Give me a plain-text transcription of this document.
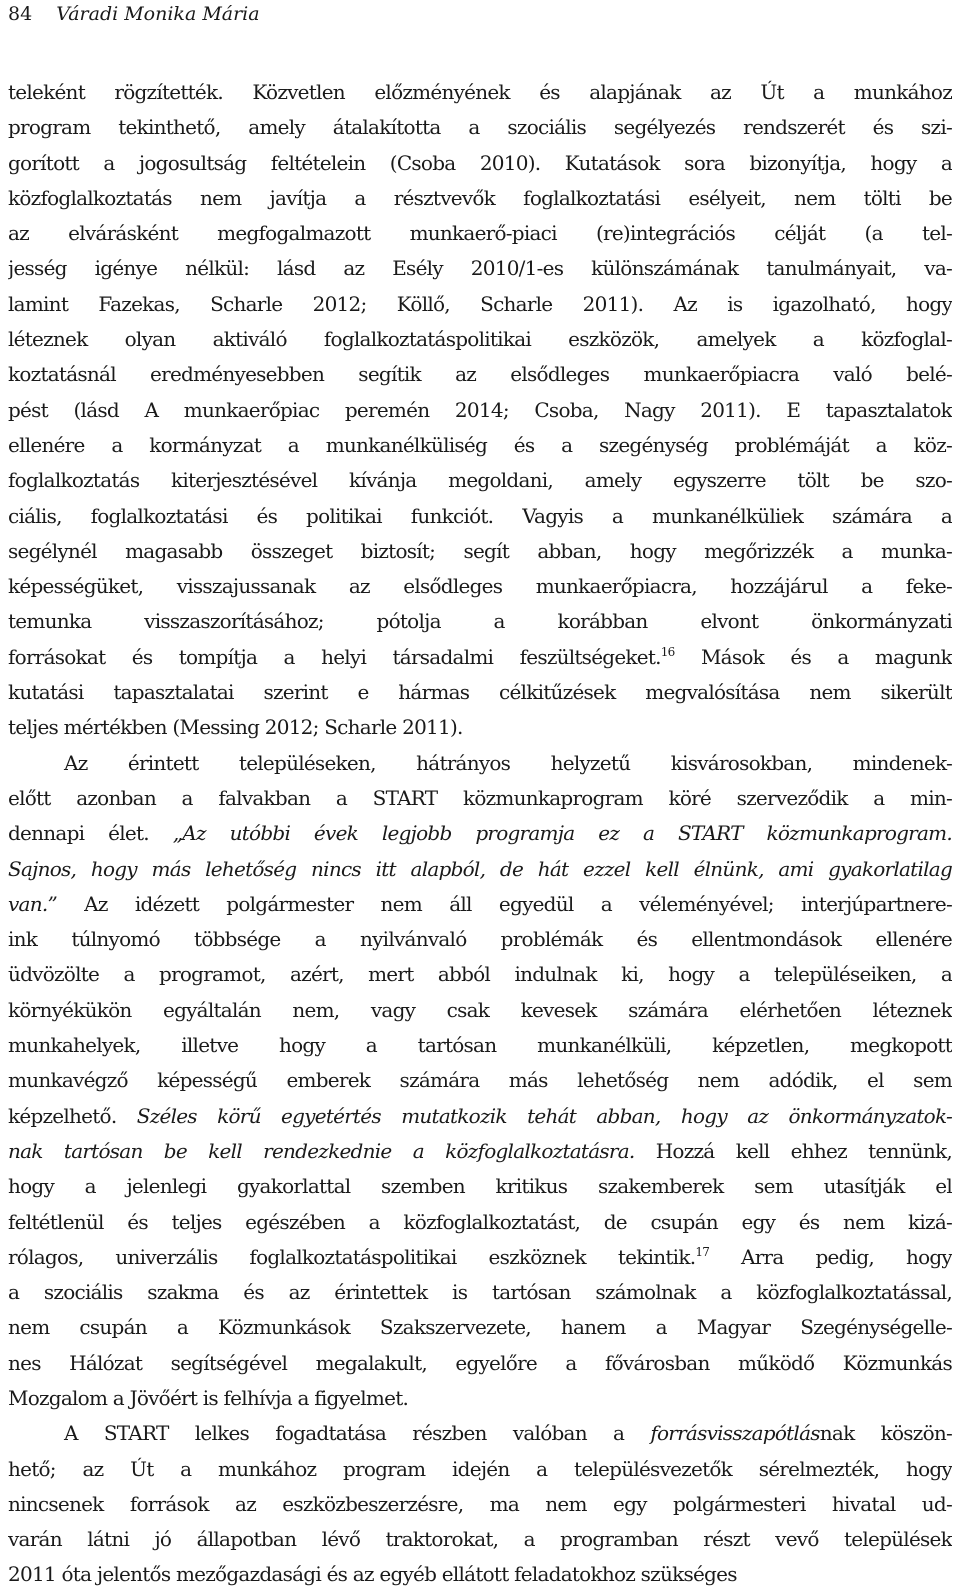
84 Váradi Monika Mária
teleként rögzítették. Közvetlen előzményének és alapjának az Út a munkához
program tekinthető, amely átalakította a szociális segélyezés rendszerét és szi-
gorított a jogosultság feltételein (Csoba 2010). Kutatások sora bizonyítja, hogy a
közfoglalkoztatás nem javítja a résztvevők foglalkoztatási esélyeit, nem tölti be
az elvárásként megfogalmazott munkaerő-piaci (re)integrációs célját (a tel-
jesség igénye nélkül: lásd az Esély 2010/1-es különszámának tanulmányait, va-
lamint Fazekas, Scharle 2012; Köllő, Scharle 2011). Az is igazolható, hogy
léteznek olyan aktiváló foglalkoztatáspolitikai eszközök, amelyek a közfoglal-
koztatásnál eredményesebben segítik az elsődleges munkaerőpiacra való belé-
pést (lásd A munkaerőpiac peremén 2014; Csoba, Nagy 2011). E tapasztalatok
ellenére a kormányzat a munkanélküliség és a szegénység problémáját a köz-
foglalkoztatás kiterjesztésével kívánja megoldani, amely egyszerre tölt be szo-
ciális, foglalkoztatási és politikai funkciót. Vagyis a munkanélküliek számára a
segélynél magasabb összeget biztosít; segít abban, hogy megőrizzék a munka-
képességüket, visszajussanak az elsődleges munkaerőpiacra, hozzájárul a feke-
temunka visszaszorításához; pótolja a korábban elvont önkormányzati
forrásokat és tompítja a helyi társadalmi feszültségeket.$^{16}$ Mások és a magunk
kutatási tapasztalatai szerint e hármas célkitűzések megvalósítása nem sikerült
teljes mértékben (Messing 2012; Scharle 2011).
Az érintett településeken, hátrányos helyzetű kisvárosokban, mindenek-
előtt azonban a falvakban a START közmunkaprogram köré szerveződik a min-
dennapi élet. „Az utóbbi évek legjobb programja ez a START közmunkaprogram.
Sajnos, hogy más lehetőség nincs itt alapból, de hát ezzel kell élnünk, ami gyakorlatilag
van.” Az idézett polgármester nem áll egyedül a véleményével; interjúpartnere-
ink túlnyomó többsége a nyilvánvaló problémák és ellentmondások ellenére
üdvözölte a programot, azért, mert abból indulnak ki, hogy a településeiken, a
környékükön egyáltalán nem, vagy csak kevesek számára elérhetően léteznek
munkahelyek, illetve hogy a tartósan munkanélküli, képzetlen, megkopott
munkavégző képességű emberek számára más lehetőség nem adódik, el sem
képzelhető. Széles körű egyetértés mutatkozik tehát abban, hogy az önkormányzatok-
nak tartósan be kell rendezkednie a közfoglalkoztatásra. Hozzá kell ehhez tennünk,
hogy a jelenlegi gyakorlattal szemben kritikus szakemberek sem utasítják el
feltétlenül és teljes egészében a közfoglalkoztatást, de csupán egy és nem kizá-
rólagos, univerzális foglalkoztatáspolitikai eszköznek tekintik.$^{17}$ Arra pedig, hogy
a szociális szakma és az érintettek is tartósan számolnak a közfoglalkoztatással,
nem csupán a Közmunkások Szakszervezete, hanem a Magyar Szegénységelle-
nes Hálózat segítségével megalakult, egyelőre a fővárosban működő Közmunkás
Mozgalom a Jövőért is felhívja a figyelmet.
A START lelkes fogadtatása részben valóban a forrásvisszapótlásnak köszön-
hető; az Út a munkához program idején a településvezetők sérelmezték, hogy
nincsenek források az eszközbeszerzésre, ma nem egy polgármesteri hivatal ud-
varán látni jó állapotban lévő traktorokat, a programban részt vevő települések
2011 óta jelentős mezőgazdasági és az egyéb ellátott feladatokhoz szükséges
